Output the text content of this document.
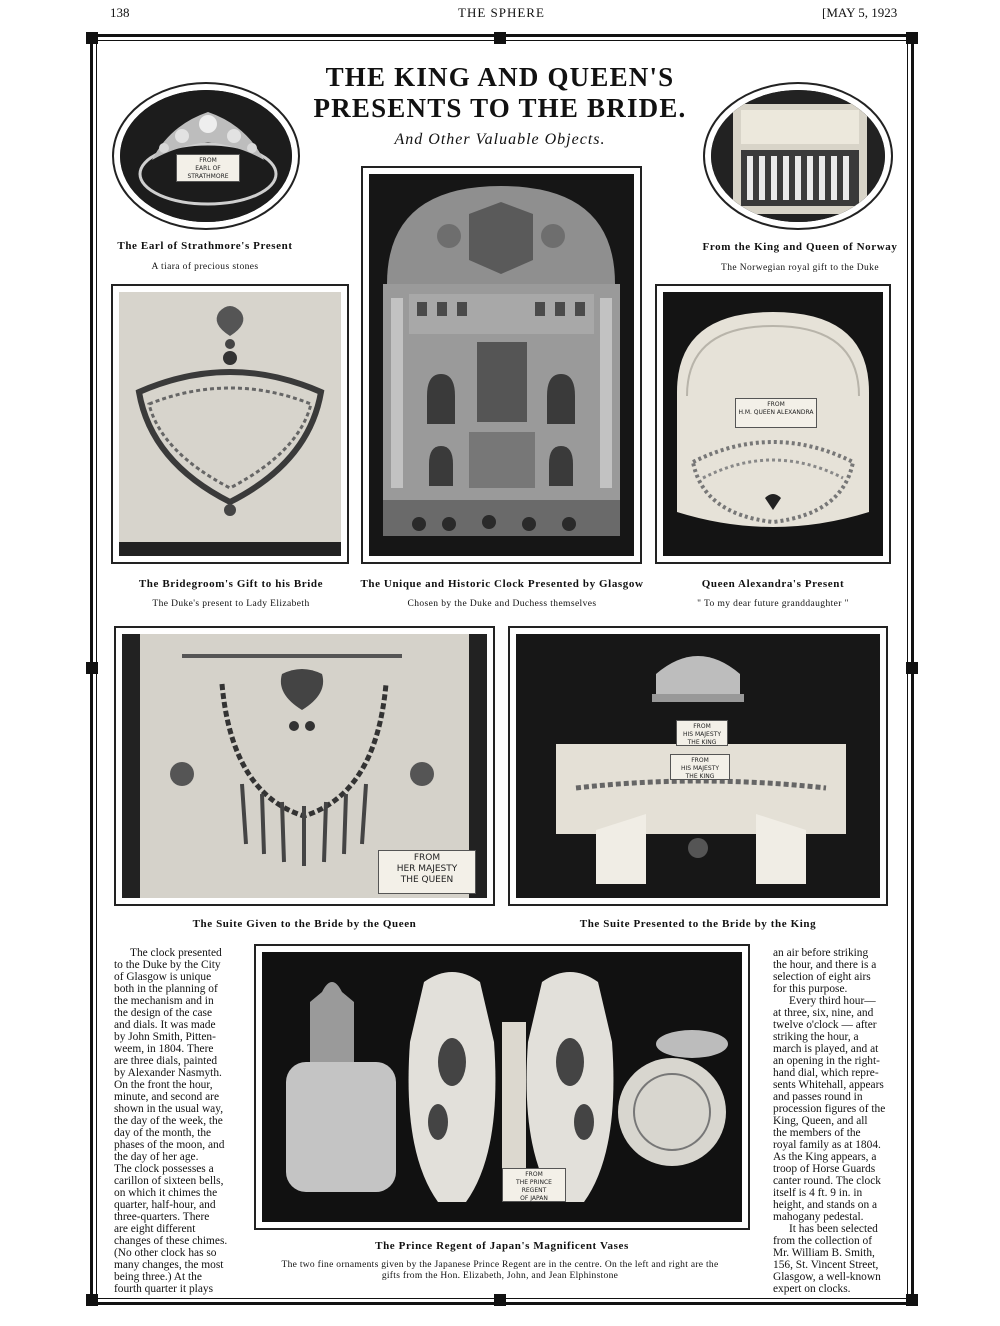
138	THE SPHERE	[MAY 5, 1923
THE KING AND QUEEN'S
PRESENTS TO THE BRIDE.
And Other Valuable Objects.
FROM
EARL OF STRATHMORE
The Earl of Strathmore's Present
A tiara of precious stones
From the King and Queen of Norway
The Norwegian royal gift to the Duke
The Bridegroom's Gift to his Bride
The Duke's present to Lady Elizabeth
The Unique and Historic Clock Presented by Glasgow
Chosen by the Duke and Duchess themselves
FROM
H.M. QUEEN ALEXANDRA
Queen Alexandra's Present
" To my dear future granddaughter "
FROM
HER MAJESTY
THE QUEEN
The Suite Given to the Bride by the Queen
FROM
HIS MAJESTY
THE KING
FROM
HIS MAJESTY
THE KING
The Suite Presented to the Bride by the King
The clock presented
to the Duke by the City
of Glasgow is unique
both in the planning of
the mechanism and in
the design of the case
and dials. It was made
by John Smith, Pitten-
weem, in 1804. There
are three dials, painted
by Alexander Nasmyth.
On the front the hour,
minute, and second are
shown in the usual way,
the day of the week, the
day of the month, the
phases of the moon, and
the day of her age.
The clock possesses a
carillon of sixteen bells,
on which it chimes the
quarter, half-hour, and
three-quarters. There
are eight different
changes of these chimes.
(No other clock has so
many changes, the most
being three.) At the
fourth quarter it plays
FROM
THE PRINCE REGENT
OF JAPAN
The Prince Regent of Japan's Magnificent Vases
an air before striking
the hour, and there is a
selection of eight airs
for this purpose.
Every third hour—
at three, six, nine, and
twelve o'clock — after
striking the hour, a
march is played, and at
an opening in the right-
hand dial, which repre-
sents Whitehall, appears
and passes round in
procession figures of the
King, Queen, and all
the members of the
royal family as at 1804.
As the King appears, a
troop of Horse Guards
canter round. The clock
itself is 4 ft. 9 in. in
height, and stands on a
mahogany pedestal.
It has been selected
from the collection of
Mr. William B. Smith,
156, St. Vincent Street,
Glasgow, a well-known
expert on clocks.
The two fine ornaments given by the Japanese Prince Regent are in the centre. On the left and right are the
gifts from the Hon. Elizabeth, John, and Jean Elphinstone
